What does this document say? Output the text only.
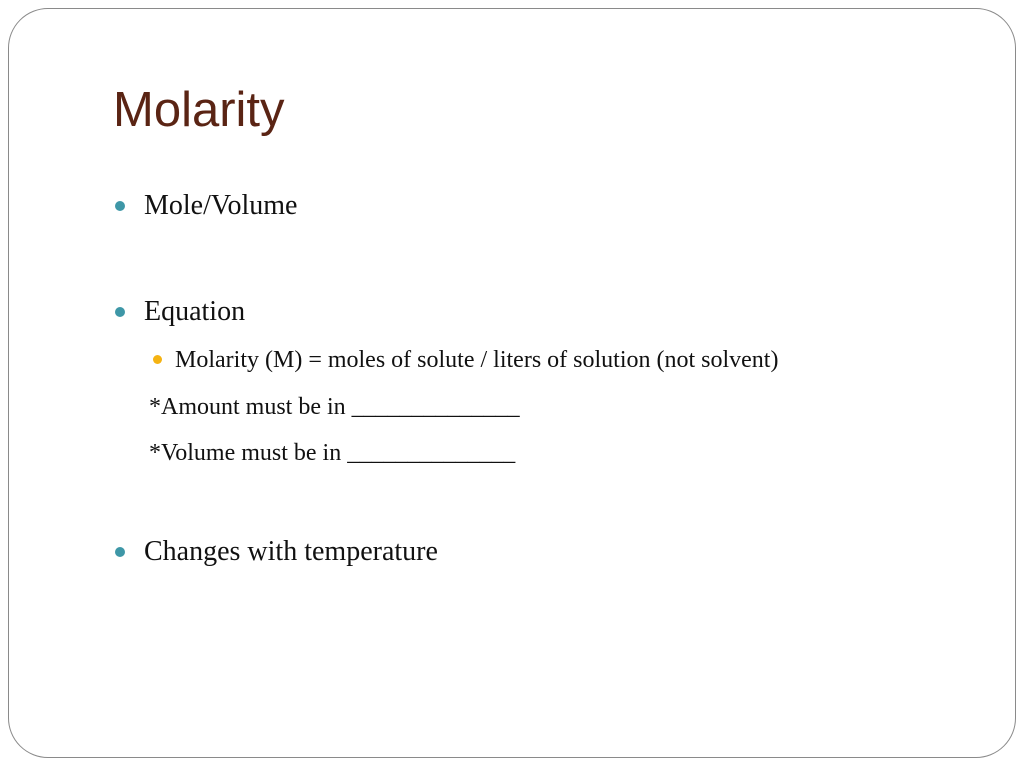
Molarity
Mole/Volume
Equation
Molarity (M) = moles of solute / liters of solution (not solvent)
*Amount must be in ______________
*Volume must be in ______________
Changes with temperature
